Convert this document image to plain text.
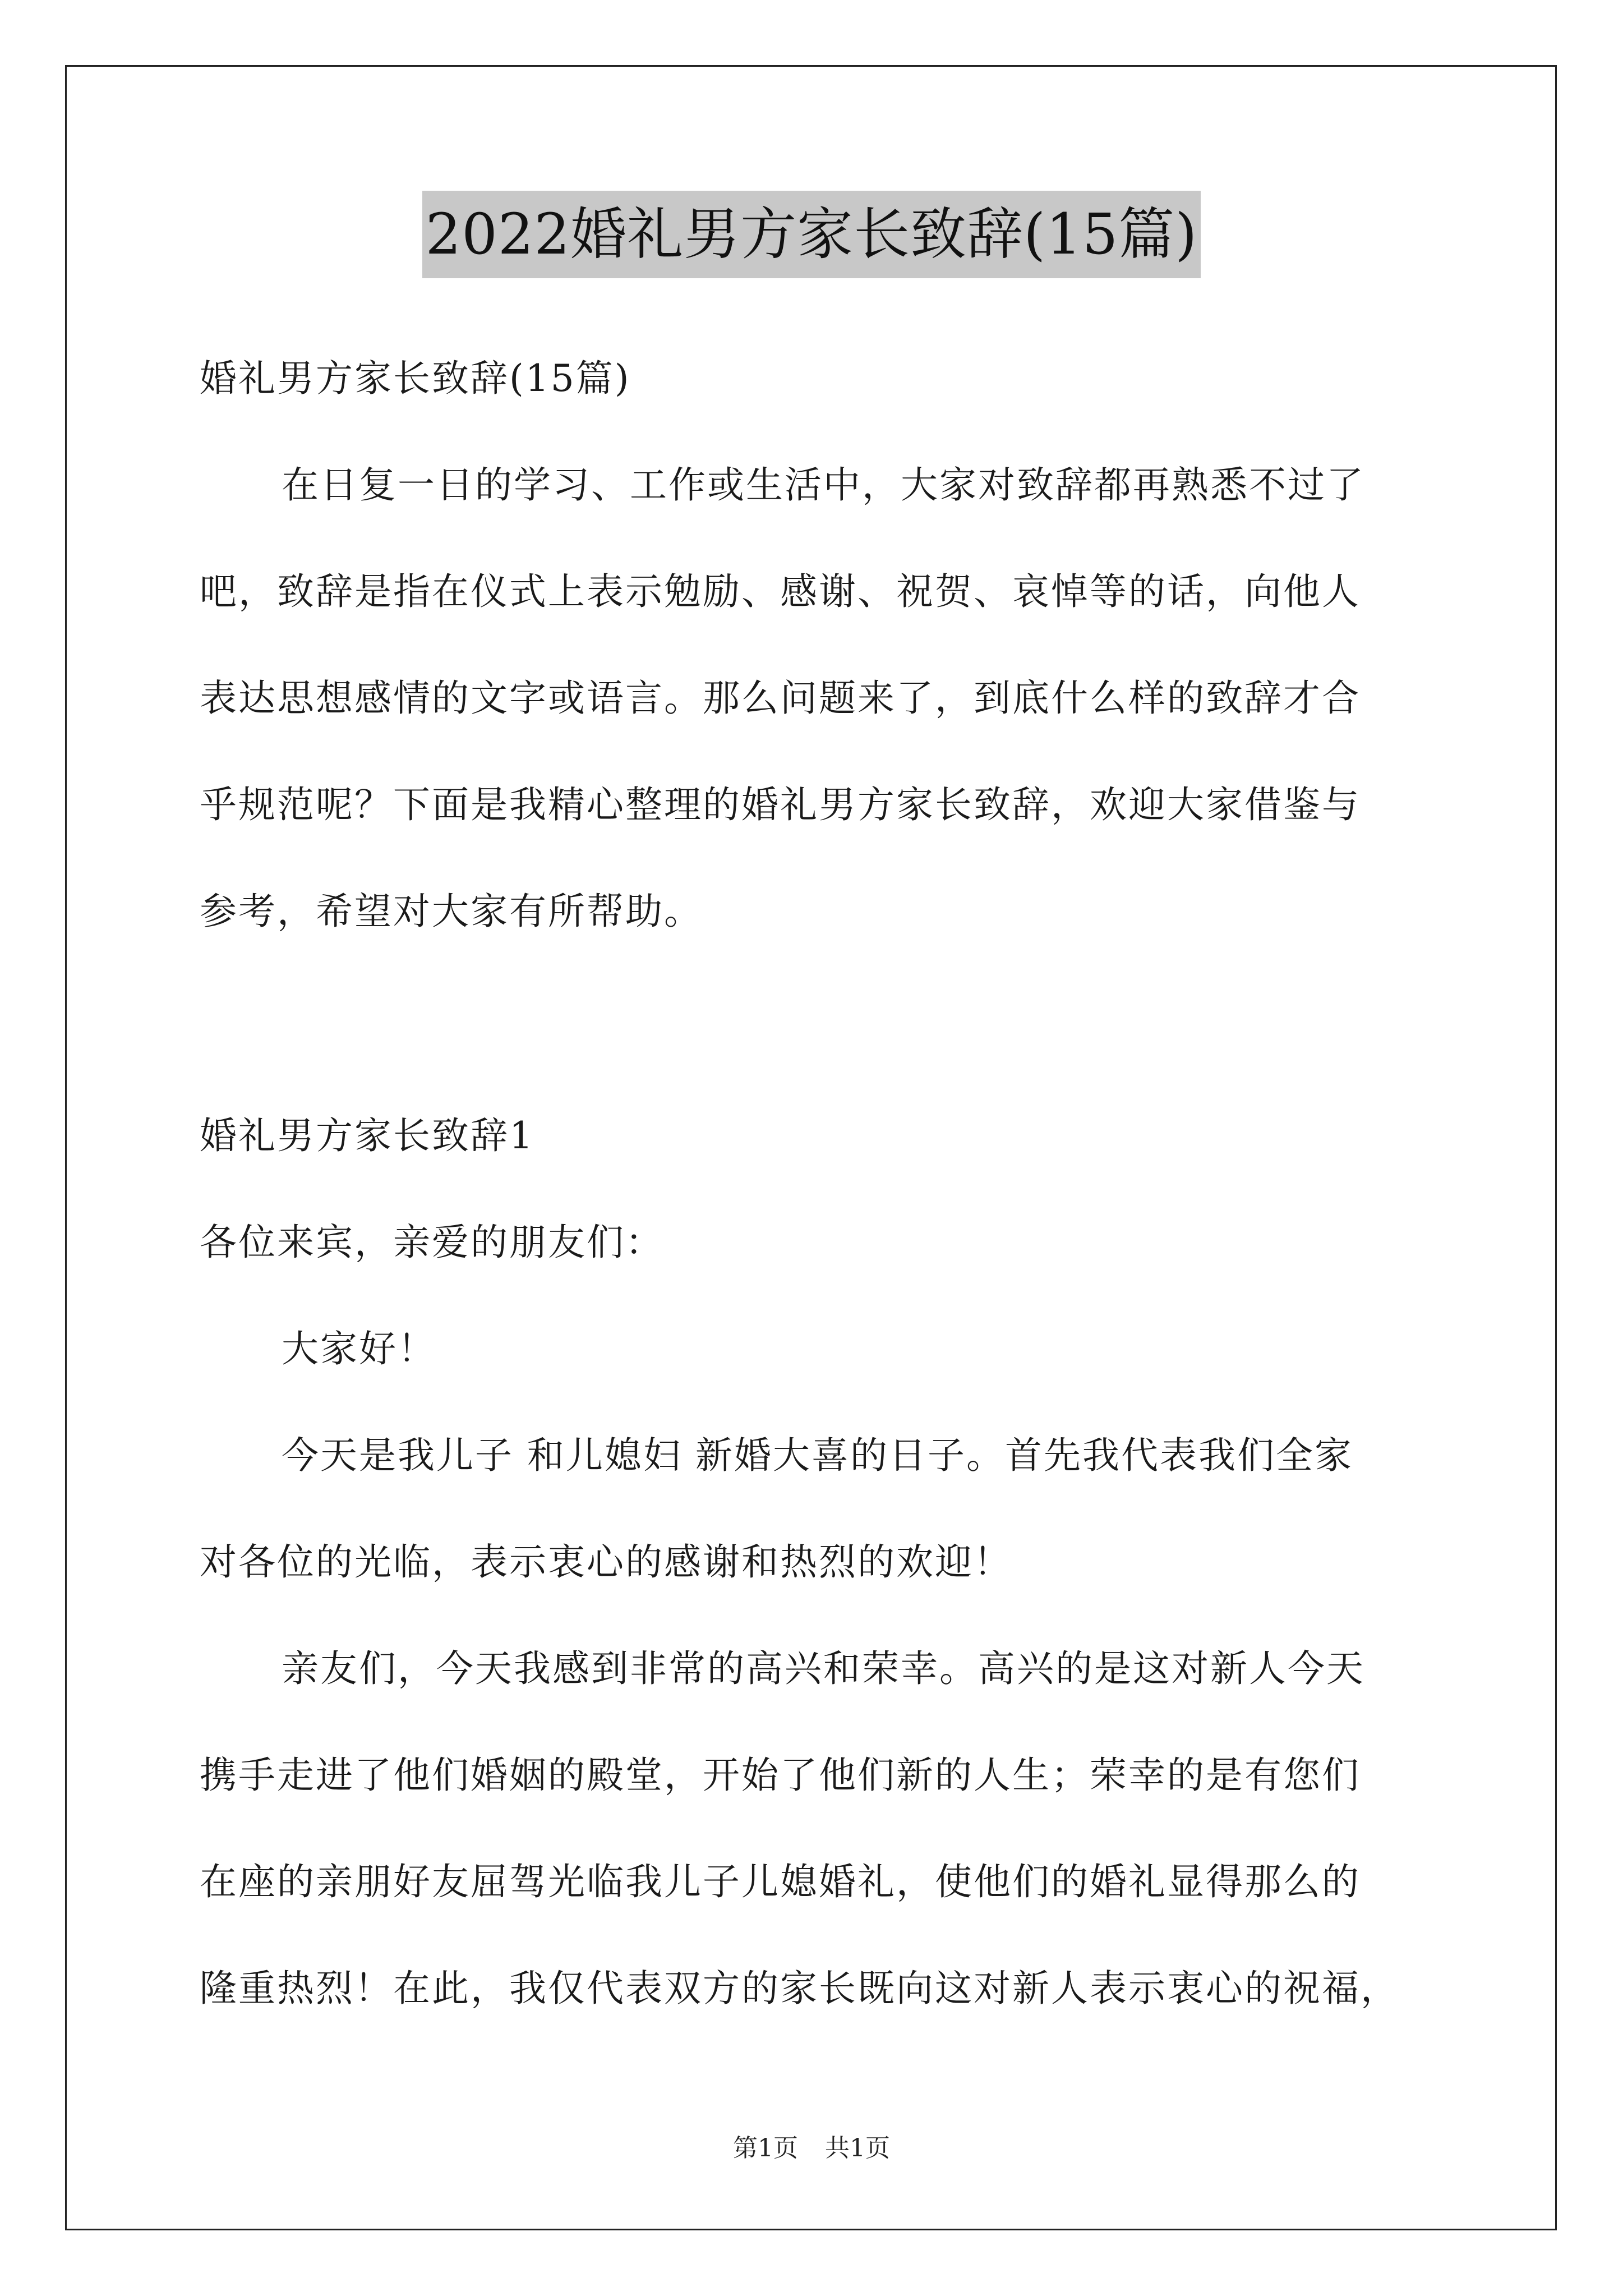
2022婚礼男方家长致辞(15篇)
婚礼男方家长致辞(15篇)
在日复一日的学习、工作或生活中，大家对致辞都再熟悉不过了
吧，致辞是指在仪式上表示勉励、感谢、祝贺、哀悼等的话，向他人
表达思想感情的文字或语言。那么问题来了，到底什么样的致辞才合
乎规范呢？下面是我精心整理的婚礼男方家长致辞，欢迎大家借鉴与
参考，希望对大家有所帮助。
婚礼男方家长致辞1
各位来宾，亲爱的朋友们：
大家好！
今天是我儿子 和儿媳妇 新婚大喜的日子。首先我代表我们全家
对各位的光临，表示衷心的感谢和热烈的欢迎！
亲友们，今天我感到非常的高兴和荣幸。高兴的是这对新人今天
携手走进了他们婚姻的殿堂，开始了他们新的人生；荣幸的是有您们
在座的亲朋好友屈驾光临我儿子儿媳婚礼，使他们的婚礼显得那么的
隆重热烈！在此，我仅代表双方的家长既向这对新人表示衷心的祝福，
第1页 共1页
